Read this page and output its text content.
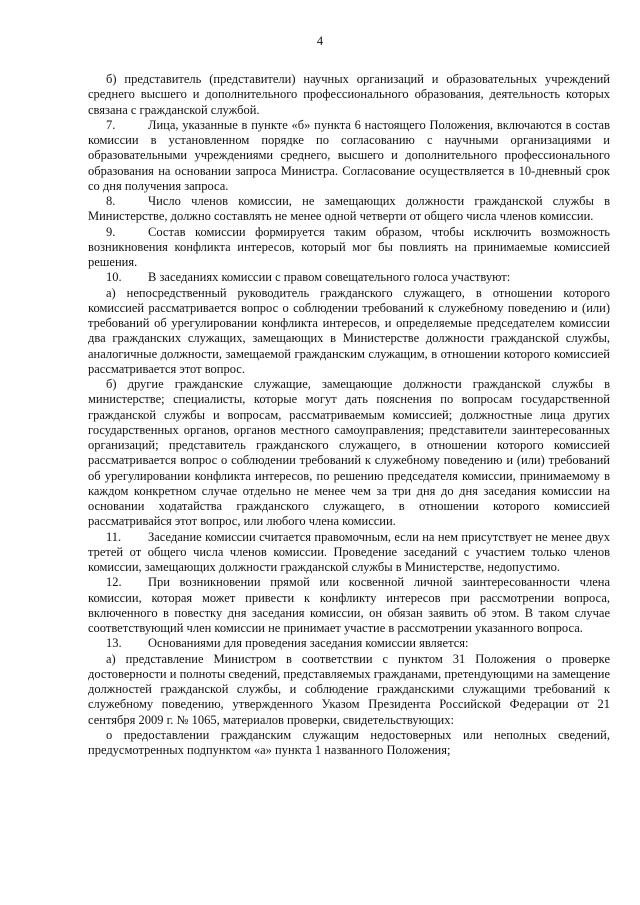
4

б) представитель (представители) научных организаций и образовательных учреждений среднего высшего и дополнительного профессионального образования, деятельность которых связана с гражданской службой.

7.	Лица, указанные в пункте «б» пункта 6 настоящего Положения, включаются в состав комиссии в установленном порядке по согласованию с научными организациями и образовательными учреждениями среднего, высшего и дополнительного профессионального образования на основании запроса Министра. Согласование осуществляется в 10-дневный срок со дня получения запроса.

8.	Число членов комиссии, не замещающих должности гражданской службы в Министерстве, должно составлять не менее одной четверти от общего числа членов комиссии.

9.	Состав комиссии формируется таким образом, чтобы исключить возможность возникновения конфликта интересов, который мог бы повлиять на принимаемые комиссией решения.

10. В заседаниях комиссии с правом совещательного голоса участвуют:

а) непосредственный руководитель гражданского служащего, в отношении которого комиссией рассматривается вопрос о соблюдении требований к служебному поведению и (или) требований об урегулировании конфликта интересов, и определяемые председателем комиссии два гражданских служащих, замещающих в Министерстве должности гражданской службы, аналогичные должности, замещаемой гражданским служащим, в отношении которого комиссией рассматривается этот вопрос.

б) другие гражданские служащие, замещающие должности гражданской службы в министерстве; специалисты, которые могут дать пояснения по вопросам государственной гражданской службы и вопросам, рассматриваемым комиссией; должностные лица других государственных органов, органов местного самоуправления; представители заинтересованных организаций; представитель гражданского служащего, в отношении которого комиссией рассматривается вопрос о соблюдении требований к служебному поведению и (или) требований об урегулировании конфликта интересов, по решению председателя комиссии, принимаемому в каждом конкретном случае отдельно не менее чем за три дня до дня заседания комиссии на основании ходатайства гражданского служащего, в отношении которого комиссией рассматривайся этот вопрос, или любого члена комиссии.

11. Заседание комиссии считается правомочным, если на нем присутствует не менее двух третей от общего числа членов комиссии. Проведение заседаний с участием только членов комиссии, замещающих должности гражданской службы в Министерстве, недопустимо.

12. При возникновении прямой или косвенной личной заинтересованности члена комиссии, которая может привести к конфликту интересов при рассмотрении вопроса, включенного в повестку дня заседания комиссии, он обязан заявить об этом. В таком случае соответствующий член комиссии не принимает участие в рассмотрении указанного вопроса.

13. Основаниями для проведения заседания комиссии является:

а) представление Министром в соответствии с пунктом 31 Положения о проверке достоверности и полноты сведений, представляемых гражданами, претендующими на замещение должностей гражданской службы, и соблюдение гражданскими служащими требований к служебному поведению, утвержденного Указом Президента Российской Федерации от 21 сентября 2009 г. № 1065, материалов проверки, свидетельствующих:

о предоставлении гражданским служащим недостоверных или неполных сведений, предусмотренных подпунктом «а» пункта 1 названного Положения;
